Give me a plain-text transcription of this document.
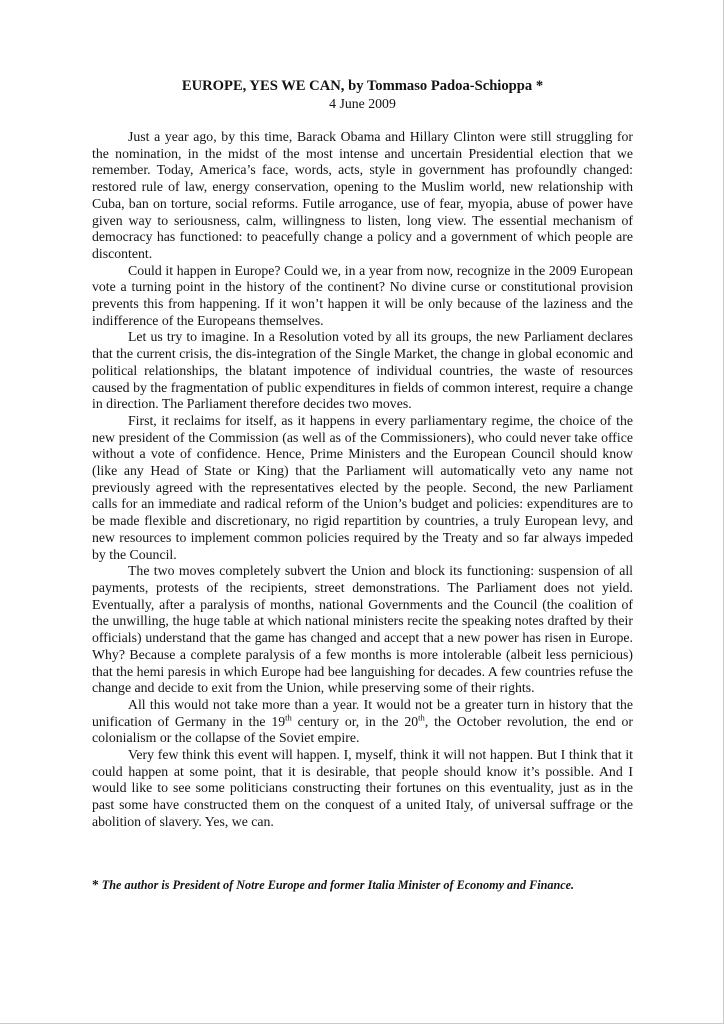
EUROPE, YES WE CAN, by Tommaso Padoa-Schioppa *
4 June 2009

Just a year ago, by this time, Barack Obama and Hillary Clinton were still struggling for the nomination, in the midst of the most intense and uncertain Presidential election that we remember. Today, America’s face, words, acts, style in government has profoundly changed: restored rule of law, energy conservation, opening to the Muslim world, new relationship with Cuba, ban on torture, social reforms. Futile arrogance, use of fear, myopia, abuse of power have given way to seriousness, calm, willingness to listen, long view. The essential mechanism of democracy has functioned: to peacefully change a policy and a government of which people are discontent.

Could it happen in Europe? Could we, in a year from now, recognize in the 2009 European vote a turning point in the history of the continent? No divine curse or constitutional provision prevents this from happening. If it won’t happen it will be only because of the laziness and the indifference of the Europeans themselves.

Let us try to imagine. In a Resolution voted by all its groups, the new Parliament declares that the current crisis, the dis-integration of the Single Market, the change in global economic and political relationships, the blatant impotence of individual countries, the waste of resources caused by the fragmentation of public expenditures in fields of common interest, require a change in direction. The Parliament therefore decides two moves.

First, it reclaims for itself, as it happens in every parliamentary regime, the choice of the new president of the Commission (as well as of the Commissioners), who could never take office without a vote of confidence. Hence, Prime Ministers and the European Council should know (like any Head of State or King) that the Parliament will automatically veto any name not previously agreed with the representatives elected by the people. Second, the new Parliament calls for an immediate and radical reform of the Union’s budget and policies: expenditures are to be made flexible and discretionary, no rigid repartition by countries, a truly European levy, and new resources to implement common policies required by the Treaty and so far always impeded by the Council.

The two moves completely subvert the Union and block its functioning: suspension of all payments, protests of the recipients, street demonstrations. The Parliament does not yield. Eventually, after a paralysis of months, national Governments and the Council (the coalition of the unwilling, the huge table at which national ministers recite the speaking notes drafted by their officials) understand that the game has changed and accept that a new power has risen in Europe. Why? Because a complete paralysis of a few months is more intolerable (albeit less pernicious) that the hemi paresis in which Europe had bee languishing for decades. A few countries refuse the change and decide to exit from the Union, while preserving some of their rights.

All this would not take more than a year. It would not be a greater turn in history that the unification of Germany in the 19th century or, in the 20th, the October revolution, the end or colonialism or the collapse of the Soviet empire.

Very few think this event will happen. I, myself, think it will not happen. But I think that it could happen at some point, that it is desirable, that people should know it’s possible. And I would like to see some politicians constructing their fortunes on this eventuality, just as in the past some have constructed them on the conquest of a united Italy, of universal suffrage or the abolition of slavery. Yes, we can.

* The author is President of Notre Europe and former Italia Minister of Economy and Finance.
